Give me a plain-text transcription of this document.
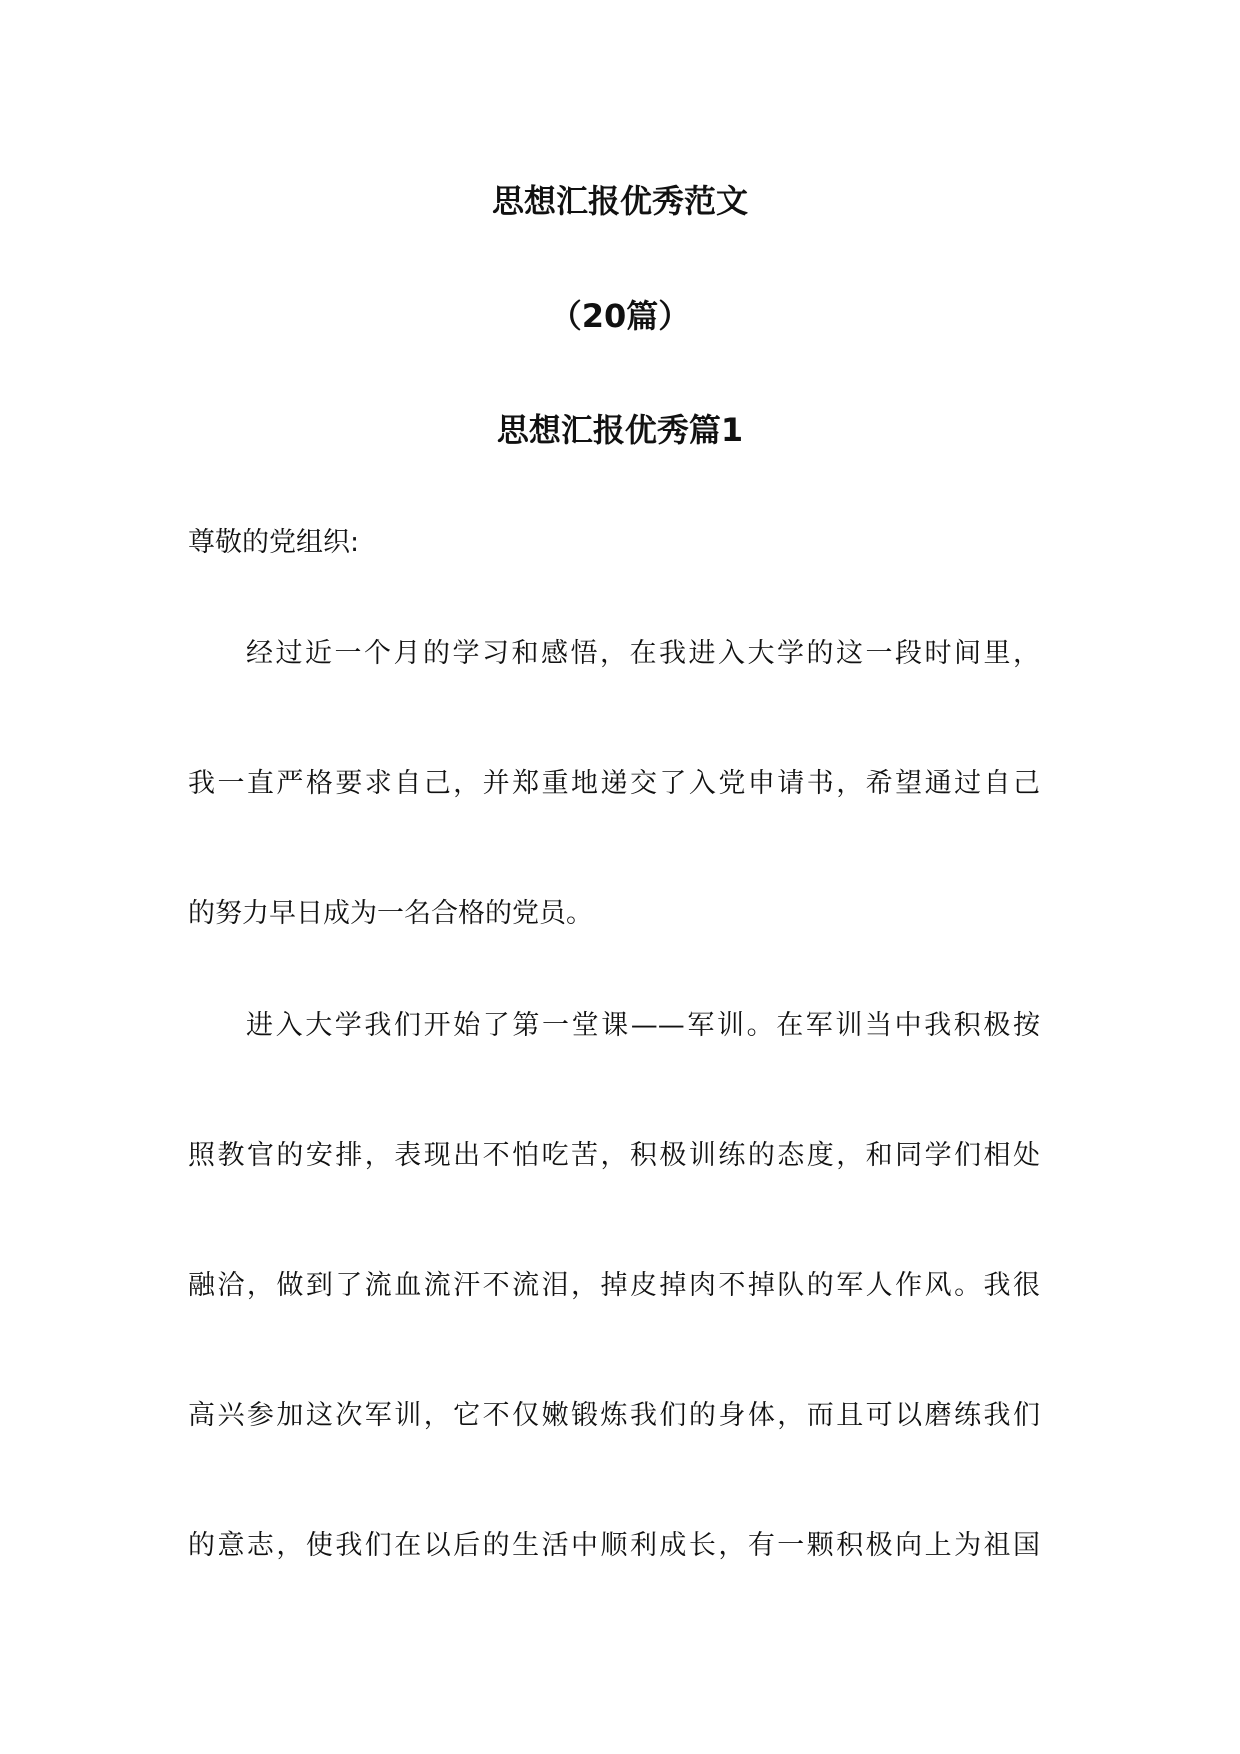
思想汇报优秀范文
（20篇）
思想汇报优秀篇1
尊敬的党组织:
经过近一个月的学习和感悟，在我进入大学的这一段时间里，
我一直严格要求自己，并郑重地递交了入党申请书，希望通过自己
的努力早日成为一名合格的党员。
进入大学我们开始了第一堂课——军训。在军训当中我积极按
照教官的安排，表现出不怕吃苦，积极训练的态度，和同学们相处
融洽，做到了流血流汗不流泪，掉皮掉肉不掉队的军人作风。我很
高兴参加这次军训，它不仅嫩锻炼我们的身体，而且可以磨练我们
的意志，使我们在以后的生活中顺利成长，有一颗积极向上为祖国
